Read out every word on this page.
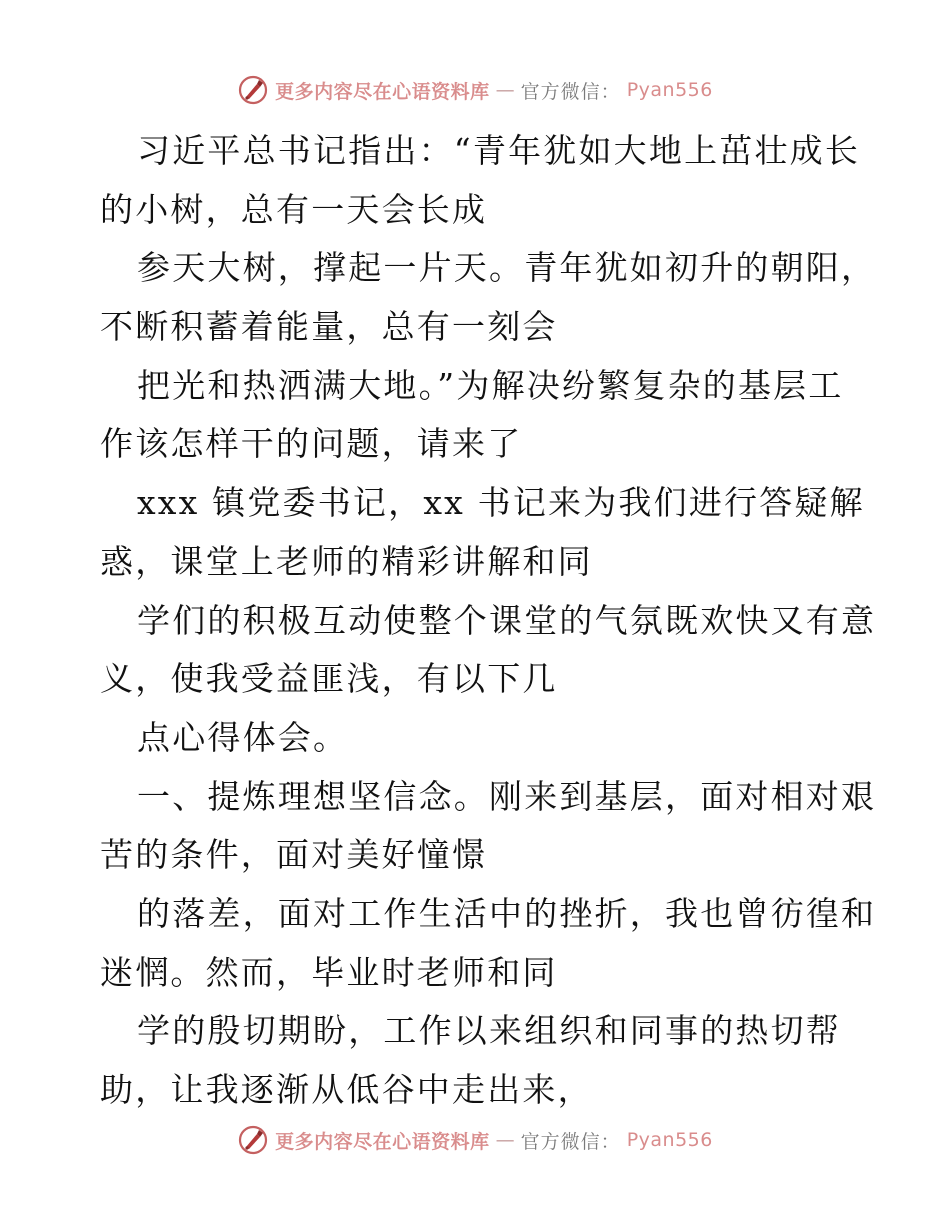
更多内容尽在心语资料库 — 官方微信： Pyan556
习近平总书记指出：“青年犹如大地上茁壮成长
的小树，总有一天会长成
参天大树，撑起一片天。青年犹如初升的朝阳，
不断积蓄着能量，总有一刻会
把光和热洒满大地。”为解决纷繁复杂的基层工
作该怎样干的问题，请来了
xxx 镇党委书记，xx 书记来为我们进行答疑解
惑，课堂上老师的精彩讲解和同
学们的积极互动使整个课堂的气氛既欢快又有意
义，使我受益匪浅，有以下几
点心得体会。
一、提炼理想坚信念。刚来到基层，面对相对艰
苦的条件，面对美好憧憬
的落差，面对工作生活中的挫折，我也曾彷徨和
迷惘。然而，毕业时老师和同
学的殷切期盼，工作以来组织和同事的热切帮
助，让我逐渐从低谷中走出来，
更多内容尽在心语资料库 — 官方微信： Pyan556
